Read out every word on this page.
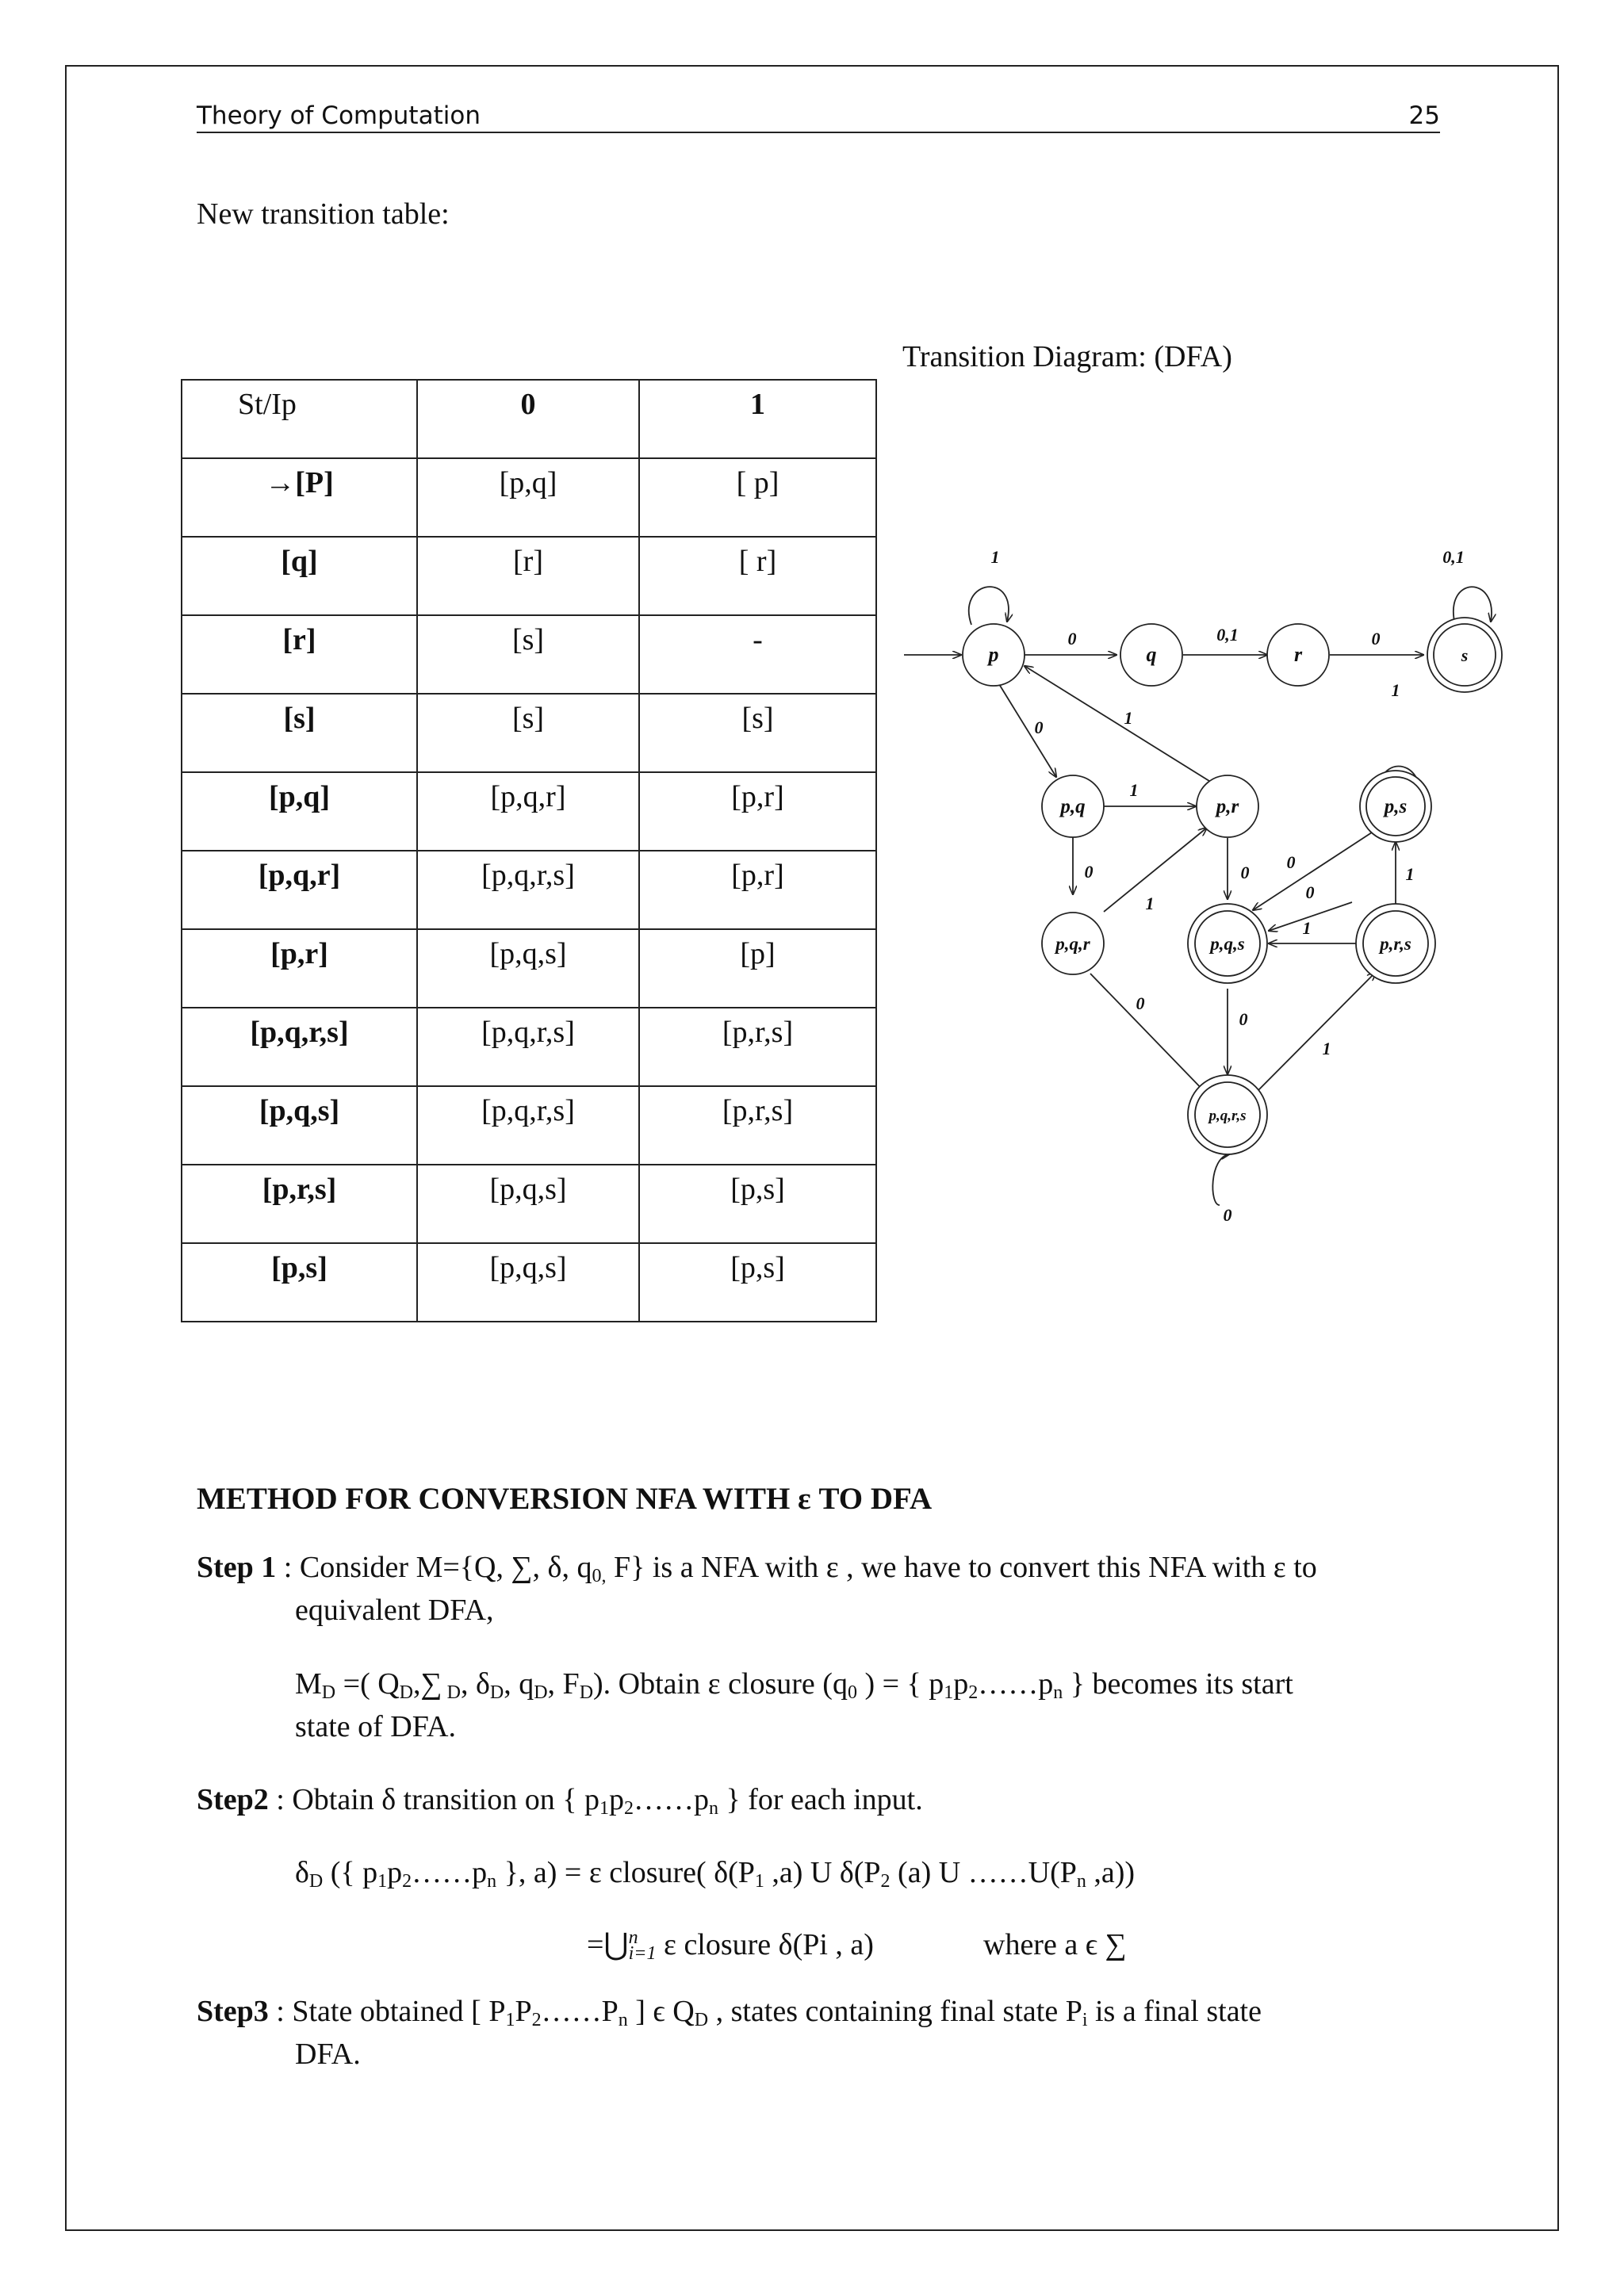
Theory of Computation	25
New transition table:
Transition Diagram: (DFA)
St/Ip	0	1
→[P]	[p,q]	[ p]
[q]	[r]	[ r]
[r]	[s]	-
[s]	[s]	[s]
[p,q]	[p,q,r]	[p,r]
[p,q,r]	[p,q,r,s]	[p,r]
[p,r]	[p,q,s]	[p]
[p,q,r,s]	[p,q,r,s]	[p,r,s]
[p,q,s]	[p,q,r,s]	[p,r,s]
[p,r,s]	[p,q,s]	[p,s]
[p,s]	[p,q,s]	[p,s]
p	q	r	s
p,q	p,r	p,s
p,q,r	p,q,s	p,r,s
p,q,r,s
1
0	0,1	0
0,1
0	1
1
0
1
0
0
0
1
1
1
0
0
1
0
METHOD FOR CONVERSION NFA WITH ε TO DFA
Step 1 : Consider M={Q, ∑, δ, $q_{0,}$ F} is a NFA with ε , we have to convert this NFA with ε to
equivalent DFA,
$M_D$ =( $Q_D,\sum$ $_D$, $\delta_D$, $q_D$, $F_D$). Obtain ε closure ($q_0$ ) = { $p_1p_2\dots\dots p_n$ } becomes its start
state of DFA.
Step2 : Obtain δ transition on { $p_1p_2\dots\dots p_n$ } for each input.
$\delta_D$ ({ $p_1p_2\dots\dots p_n$ }, a) = ε closure( $\delta(P_1$ ,a) U $\delta(P_2$ (a) U $\dots\dots U(P_n$ ,a))
=⋃$^n_{i=1}$ ε closure δ(Pi , a)	where a ϵ ∑
Step3 : State obtained [ $P_1P_2\dots\dots P_n$ ] ϵ $Q_D$ , states containing final state $P_i$ is a final state
DFA.
